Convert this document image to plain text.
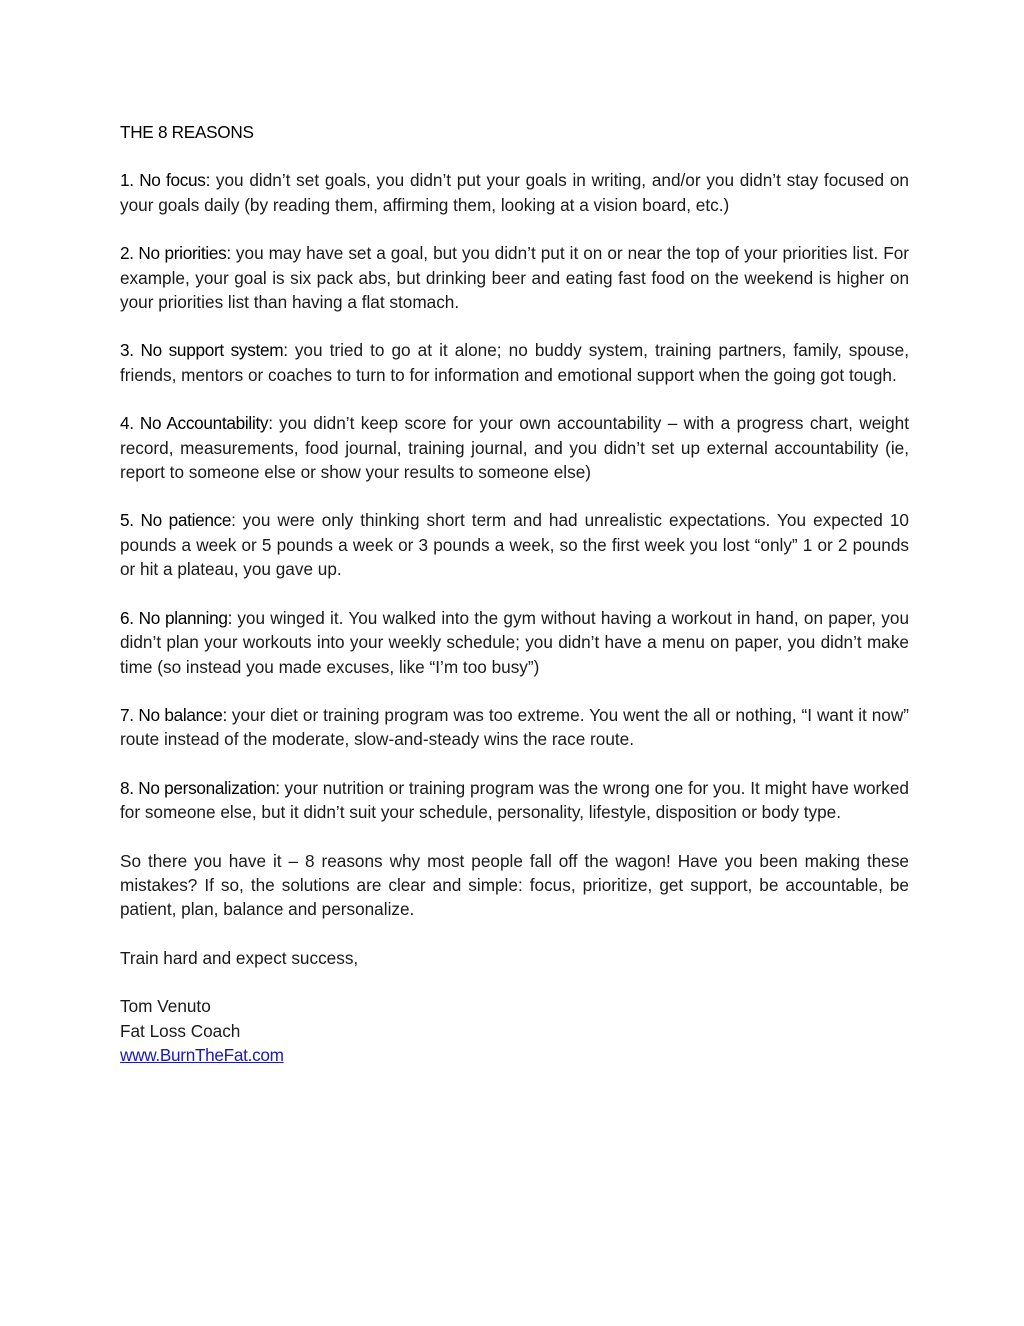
THE 8 REASONS

1. No focus: you didn’t set goals, you didn’t put your goals in writing, and/or you didn’t stay focused on your goals daily (by reading them, affirming them, looking at a vision board, etc.)

2. No priorities: you may have set a goal, but you didn’t put it on or near the top of your priorities list. For example, your goal is six pack abs, but drinking beer and eating fast food on the weekend is higher on your priorities list than having a flat stomach.

3. No support system: you tried to go at it alone; no buddy system, training partners, family, spouse, friends, mentors or coaches to turn to for information and emotional support when the going got tough.

4. No Accountability: you didn’t keep score for your own accountability – with a progress chart, weight record, measurements, food journal, training journal, and you didn’t set up external accountability (ie, report to someone else or show your results to someone else)

5. No patience: you were only thinking short term and had unrealistic expectations. You expected 10 pounds a week or 5 pounds a week or 3 pounds a week, so the first week you lost “only” 1 or 2 pounds or hit a plateau, you gave up.

6. No planning: you winged it. You walked into the gym without having a workout in hand, on paper, you didn’t plan your workouts into your weekly schedule; you didn’t have a menu on paper, you didn’t make time (so instead you made excuses, like “I’m too busy”)

7. No balance: your diet or training program was too extreme. You went the all or nothing, “I want it now” route instead of the moderate, slow-and-steady wins the race route.

8. No personalization: your nutrition or training program was the wrong one for you. It might have worked for someone else, but it didn’t suit your schedule, personality, lifestyle, disposition or body type.

So there you have it – 8 reasons why most people fall off the wagon! Have you been making these mistakes? If so, the solutions are clear and simple: focus, prioritize, get support, be accountable, be patient, plan, balance and personalize.

Train hard and expect success,

Tom Venuto
Fat Loss Coach
www.BurnTheFat.com
